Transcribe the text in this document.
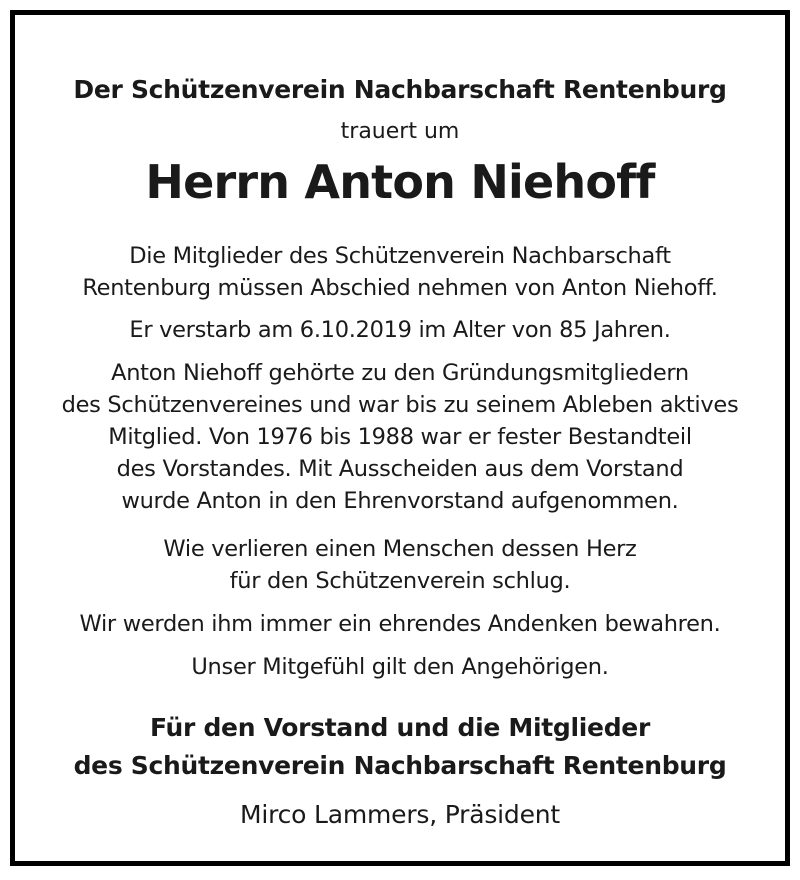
Der Schützenverein Nachbarschaft Rentenburg
trauert um
Herrn Anton Niehoff
Die Mitglieder des Schützenverein Nachbarschaft
Rentenburg müssen Abschied nehmen von Anton Niehoff.
Er verstarb am 6.10.2019 im Alter von 85 Jahren.
Anton Niehoff gehörte zu den Gründungsmitgliedern
des Schützenvereines und war bis zu seinem Ableben aktives
Mitglied. Von 1976 bis 1988 war er fester Bestandteil
des Vorstandes. Mit Ausscheiden aus dem Vorstand
wurde Anton in den Ehrenvorstand aufgenommen.
Wie verlieren einen Menschen dessen Herz
für den Schützenverein schlug.
Wir werden ihm immer ein ehrendes Andenken bewahren.
Unser Mitgefühl gilt den Angehörigen.
Für den Vorstand und die Mitglieder
des Schützenverein Nachbarschaft Rentenburg
Mirco Lammers, Präsident
